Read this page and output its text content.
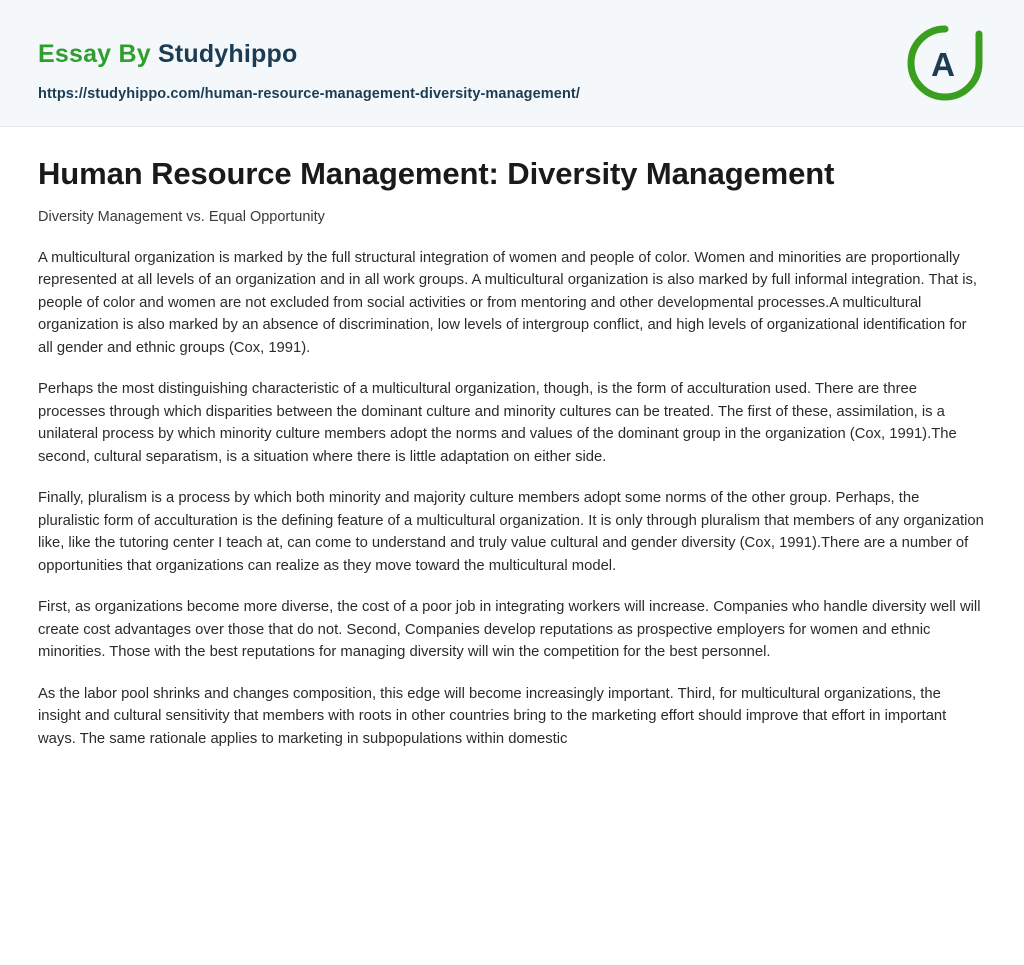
Essay By Studyhippo
https://studyhippo.com/human-resource-management-diversity-management/
A
Human Resource Management: Diversity Management

Diversity Management vs. Equal Opportunity

A multicultural organization is marked by the full structural integration of women and people of color. Women and minorities are proportionally represented at all levels of an organization and in all work groups. A multicultural organization is also marked by full informal integration. That is, people of color and women are not excluded from social activities or from mentoring and other developmental processes.A multicultural organization is also marked by an absence of discrimination, low levels of intergroup conflict, and high levels of organizational identification for all gender and ethnic groups (Cox, 1991).

Perhaps the most distinguishing characteristic of a multicultural organization, though, is the form of acculturation used. There are three processes through which disparities between the dominant culture and minority cultures can be treated. The first of these, assimilation, is a unilateral process by which minority culture members adopt the norms and values of the dominant group in the organization (Cox, 1991).The second, cultural separatism, is a situation where there is little adaptation on either side.

Finally, pluralism is a process by which both minority and majority culture members adopt some norms of the other group. Perhaps, the pluralistic form of acculturation is the defining feature of a multicultural organization. It is only through pluralism that members of any organization like, like the tutoring center I teach at, can come to understand and truly value cultural and gender diversity (Cox, 1991).There are a number of opportunities that organizations can realize as they move toward the multicultural model.

First, as organizations become more diverse, the cost of a poor job in integrating workers will increase. Companies who handle diversity well will create cost advantages over those that do not. Second, Companies develop reputations as prospective employers for women and ethnic minorities. Those with the best reputations for managing diversity will win the competition for the best personnel.

As the labor pool shrinks and changes composition, this edge will become increasingly important. Third, for multicultural organizations, the insight and cultural sensitivity that members with roots in other countries bring to the marketing effort should improve that effort in important ways. The same rationale applies to marketing in subpopulations within domestic
